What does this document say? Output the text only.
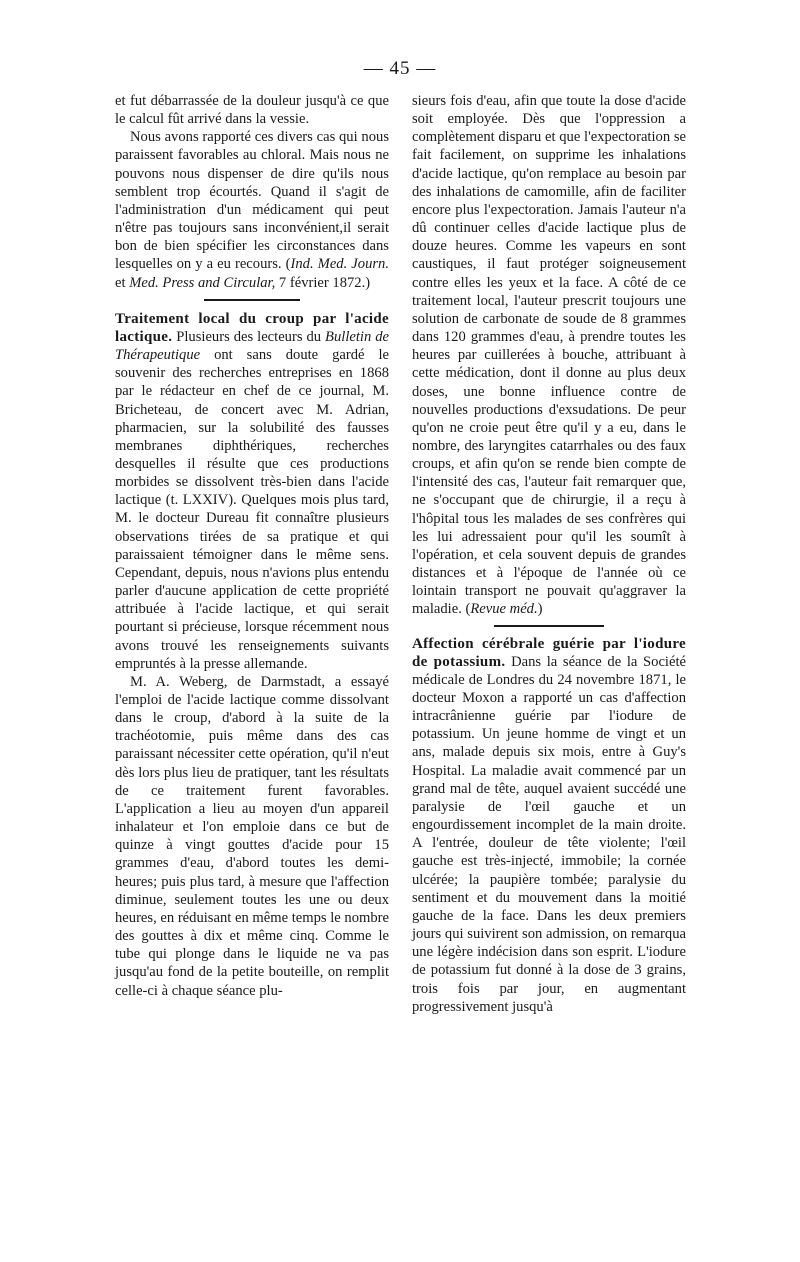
— 45 —

et fut débarrassée de la douleur jusqu'à ce que le calcul fût arrivé dans la vessie.

Nous avons rapporté ces divers cas qui nous paraissent favorables au chloral. Mais nous ne pouvons nous dispenser de dire qu'ils nous semblent trop écourtés. Quand il s'agit de l'administration d'un médicament qui peut n'être pas toujours sans inconvénient,il serait bon de bien spécifier les circonstances dans lesquelles on y a eu recours. (Ind. Med. Journ. et Med. Press and Circular, 7 février 1872.)

Traitement local du croup par l'acide lactique. Plusieurs des lecteurs du Bulletin de Thérapeutique ont sans doute gardé le souvenir des recherches entreprises en 1868 par le rédacteur en chef de ce journal, M. Bricheteau, de concert avec M. Adrian, pharmacien, sur la solubilité des fausses membranes diphthériques, recherches desquelles il résulte que ces productions morbides se dissolvent très-bien dans l'acide lactique (t. LXXIV). Quelques mois plus tard, M. le docteur Dureau fit connaître plusieurs observations tirées de sa pratique et qui paraissaient témoigner dans le même sens. Cependant, depuis, nous n'avions plus entendu parler d'aucune application de cette propriété attribuée à l'acide lactique, et qui serait pourtant si précieuse, lorsque récemment nous avons trouvé les renseignements suivants empruntés à la presse allemande.

M. A. Weberg, de Darmstadt, a essayé l'emploi de l'acide lactique comme dissolvant dans le croup, d'abord à la suite de la trachéotomie, puis même dans des cas paraissant nécessiter cette opération, qu'il n'eut dès lors plus lieu de pratiquer, tant les résultats de ce traitement furent favorables. L'application a lieu au moyen d'un appareil inhalateur et l'on emploie dans ce but de quinze à vingt gouttes d'acide pour 15 grammes d'eau, d'abord toutes les demi-heures; puis plus tard, à mesure que l'affection diminue, seulement toutes les une ou deux heures, en réduisant en même temps le nombre des gouttes à dix et même cinq. Comme le tube qui plonge dans le liquide ne va pas jusqu'au fond de la petite bouteille, on remplit celle-ci à chaque séance plu-

sieurs fois d'eau, afin que toute la dose d'acide soit employée. Dès que l'oppression a complètement disparu et que l'expectoration se fait facilement, on supprime les inhalations d'acide lactique, qu'on remplace au besoin par des inhalations de camomille, afin de faciliter encore plus l'expectoration. Jamais l'auteur n'a dû continuer celles d'acide lactique plus de douze heures. Comme les vapeurs en sont caustiques, il faut protéger soigneusement contre elles les yeux et la face. A côté de ce traitement local, l'auteur prescrit toujours une solution de carbonate de soude de 8 grammes dans 120 grammes d'eau, à prendre toutes les heures par cuillerées à bouche, attribuant à cette médication, dont il donne au plus deux doses, une bonne influence contre de nouvelles productions d'exsudations. De peur qu'on ne croie peut être qu'il y a eu, dans le nombre, des laryngites catarrhales ou des faux croups, et afin qu'on se rende bien compte de l'intensité des cas, l'auteur fait remarquer que, ne s'occupant que de chirurgie, il a reçu à l'hôpital tous les malades de ses confrères qui les lui adressaient pour qu'il les soumît à l'opération, et cela souvent depuis de grandes distances et à l'époque de l'année où ce lointain transport ne pouvait qu'aggraver la maladie. (Revue méd.)

Affection cérébrale guérie par l'iodure de potassium. Dans la séance de la Société médicale de Londres du 24 novembre 1871, le docteur Moxon a rapporté un cas d'affection intracrânienne guérie par l'iodure de potassium. Un jeune homme de vingt et un ans, malade depuis six mois, entre à Guy's Hospital. La maladie avait commencé par un grand mal de tête, auquel avaient succédé une paralysie de l'œil gauche et un engourdissement incomplet de la main droite. A l'entrée, douleur de tête violente; l'œil gauche est très-injecté, immobile; la cornée ulcérée; la paupière tombée; paralysie du sentiment et du mouvement dans la moitié gauche de la face. Dans les deux premiers jours qui suivirent son admission, on remarqua une légère indécision dans son esprit. L'iodure de potassium fut donné à la dose de 3 grains, trois fois par jour, en augmentant progressivement jusqu'à
